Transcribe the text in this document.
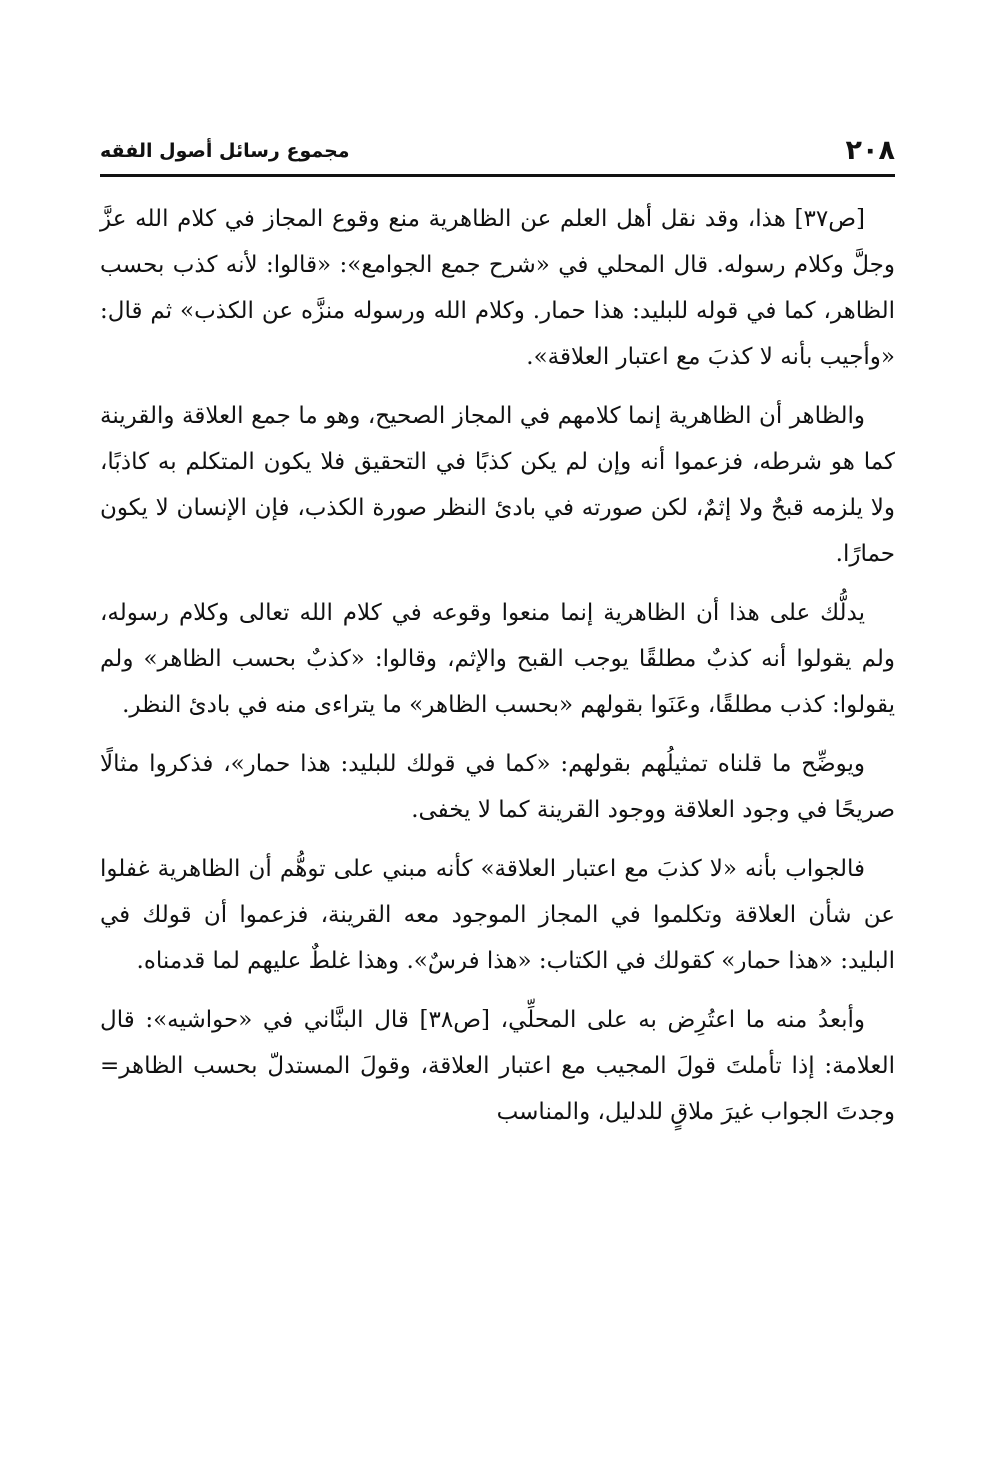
٢٠٨
مجموع رسائل أصول الفقه

[ص٣٧] هذا، وقد نقل أهل العلم عن الظاهرية منع وقوع المجاز في كلام الله عزَّ وجلَّ وكلام رسوله. قال المحلي في «شرح جمع الجوامع»: «قالوا: لأنه كذب بحسب الظاهر، كما في قوله للبليد: هذا حمار. وكلام الله ورسوله منزَّه عن الكذب» ثم قال: «وأجيب بأنه لا كذبَ مع اعتبار العلاقة».

والظاهر أن الظاهرية إنما كلامهم في المجاز الصحيح، وهو ما جمع العلاقة والقرينة كما هو شرطه، فزعموا أنه وإن لم يكن كذبًا في التحقيق فلا يكون المتكلم به كاذبًا، ولا يلزمه قبحٌ ولا إثمٌ، لكن صورته في بادئ النظر صورة الكذب، فإن الإنسان لا يكون حمارًا.

يدلُّك على هذا أن الظاهرية إنما منعوا وقوعه في كلام الله تعالى وكلام رسوله، ولم يقولوا أنه كذبٌ مطلقًا يوجب القبح والإثم، وقالوا: «كذبٌ بحسب الظاهر» ولم يقولوا: كذب مطلقًا، وعَنَوا بقولهم «بحسب الظاهر» ما يتراءى منه في بادئ النظر.

ويوضِّح ما قلناه تمثيلُهم بقولهم: «كما في قولك للبليد: هذا حمار»، فذكروا مثالًا صريحًا في وجود العلاقة ووجود القرينة كما لا يخفى.

فالجواب بأنه «لا كذبَ مع اعتبار العلاقة» كأنه مبني على توهُّم أن الظاهرية غفلوا عن شأن العلاقة وتكلموا في المجاز الموجود معه القرينة، فزعموا أن قولك في البليد: «هذا حمار» كقولك في الكتاب: «هذا فرسٌ». وهذا غلطٌ عليهم لما قدمناه.

وأبعدُ منه ما اعتُرِض به على المحلِّي، [ص٣٨] قال البنَّاني في «حواشيه»: قال العلامة: إذا تأملتَ قولَ المجيب مع اعتبار العلاقة، وقولَ المستدلّ بحسب الظاهر= وجدتَ الجواب غيرَ ملاقٍ للدليل، والمناسب
